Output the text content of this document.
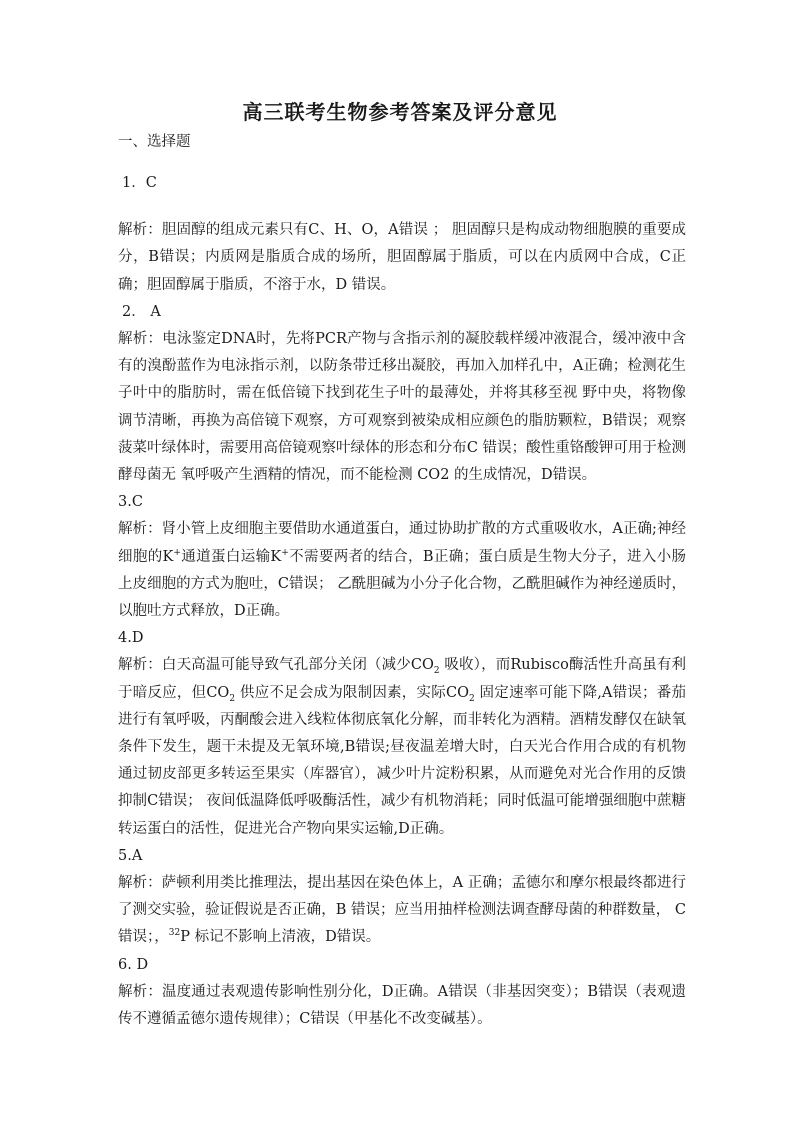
高三联考生物参考答案及评分意见
一、选择题

1．C

解析：胆固醇的组成元素只有C、H、O，A错误 ； 胆固醇只是构成动物细胞膜的重要成分，B错误；内质网是脂质合成的场所，胆固醇属于脂质，可以在内质网中合成，C正确；胆固醇属于脂质，不溶于水，D 错误。

2． A

解析：电泳鉴定DNA时，先将PCR产物与含指示剂的凝胶载样缓冲液混合，缓冲液中含有的溴酚蓝作为电泳指示剂，以防条带迁移出凝胶，再加入加样孔中，A正确；检测花生子叶中的脂肪时，需在低倍镜下找到花生子叶的最薄处，并将其移至视 野中央，将物像调节清晰，再换为高倍镜下观察，方可观察到被染成相应颜色的脂肪颗粒，B错误；观察菠菜叶绿体时，需要用高倍镜观察叶绿体的形态和分布C 错误；酸性重铬酸钾可用于检测酵母菌无 氧呼吸产生酒精的情况，而不能检测 CO2 的生成情况，D错误。

3.C

解析：肾小管上皮细胞主要借助水通道蛋白，通过协助扩散的方式重吸收水，A正确;神经细胞的K+通道蛋白运输K+不需要两者的结合，B正确；蛋白质是生物大分子，进入小肠上皮细胞的方式为胞吐，C错误； 乙酰胆碱为小分子化合物，乙酰胆碱作为神经递质时，以胞吐方式释放，D正确。

4.D

解析：白天高温可能导致气孔部分关闭（减少$CO_2$ 吸收），而Rubisco酶活性升高虽有利于暗反应，但$CO_2$ 供应不足会成为限制因素，实际$CO_2$ 固定速率可能下降,A错误；番茄进行有氧呼吸，丙酮酸会进入线粒体彻底氧化分解，而非转化为酒精。酒精发酵仅在缺氧条件下发生，题干未提及无氧环境,B错误;昼夜温差增大时，白天光合作用合成的有机物通过韧皮部更多转运至果实（库器官），减少叶片淀粉积累，从而避免对光合作用的反馈抑制C错误； 夜间低温降低呼吸酶活性，减少有机物消耗；同时低温可能增强细胞中蔗糖转运蛋白的活性，促进光合产物向果实运输,D正确。

5.A

解析：萨顿利用类比推理法，提出基因在染色体上，A 正确；孟德尔和摩尔根最终都进行了测交实验，验证假说是否正确，B 错误；应当用抽样检测法调查酵母菌的种群数量， C错误；，$^{32}$P 标记不影响上清液，D错误。

6. D

解析：温度通过表观遗传影响性别分化，D正确。A错误（非基因突变）；B错误（表观遗传不遵循孟德尔遗传规律）；C错误（甲基化不改变碱基）。
